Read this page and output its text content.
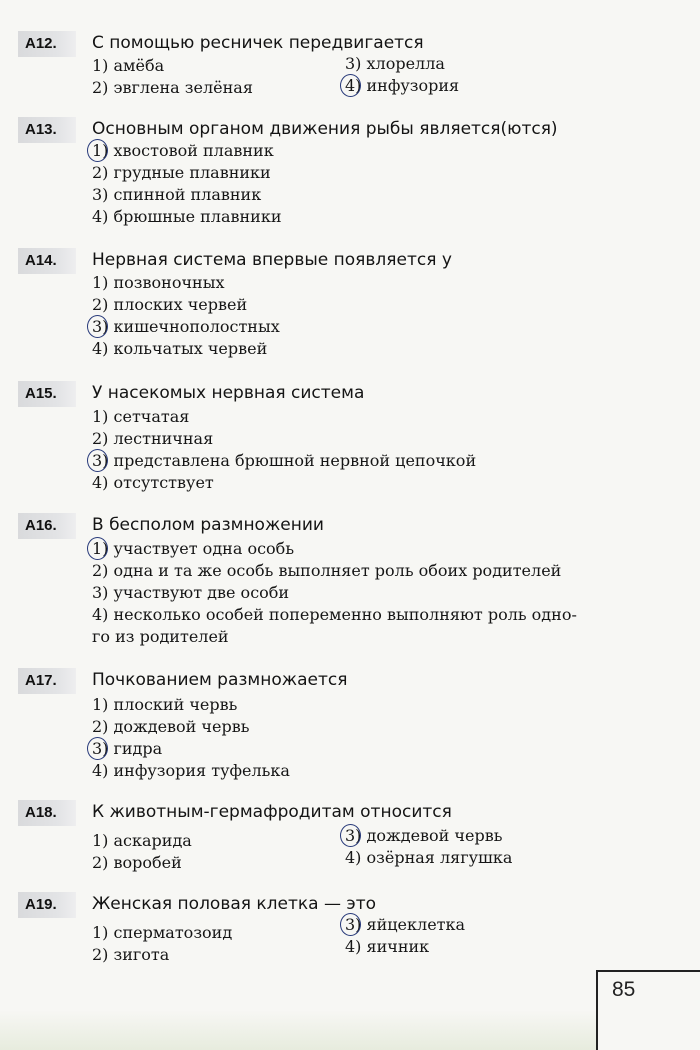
А12.	С помощью ресничек передвигается
1) амёба
2) эвглена зелёная
3) хлорелла
4) инфузория
А13.	Основным органом движения рыбы является(ются)
1) хвостовой плавник
2) грудные плавники
3) спинной плавник
4) брюшные плавники
А14.	Нервная система впервые появляется у
1) позвоночных
2) плоских червей
3) кишечнополостных
4) кольчатых червей
А15.	У насекомых нервная система
1) сетчатая
2) лестничная
3) представлена брюшной нервной цепочкой
4) отсутствует
А16.	В бесполом размножении
1) участвует одна особь
2) одна и та же особь выполняет роль обоих родителей
3) участвуют две особи
4) несколько особей попеременно выполняют роль одно-
го из родителей
А17.	Почкованием размножается
1) плоский червь
2) дождевой червь
3) гидра
4) инфузория туфелька
А18.	К животным-гермафродитам относится
1) аскарида
2) воробей
3) дождевой червь
4) озёрная лягушка
А19.	Женская половая клетка — это
1) сперматозоид
2) зигота
3) яйцеклетка
4) яичник
85
